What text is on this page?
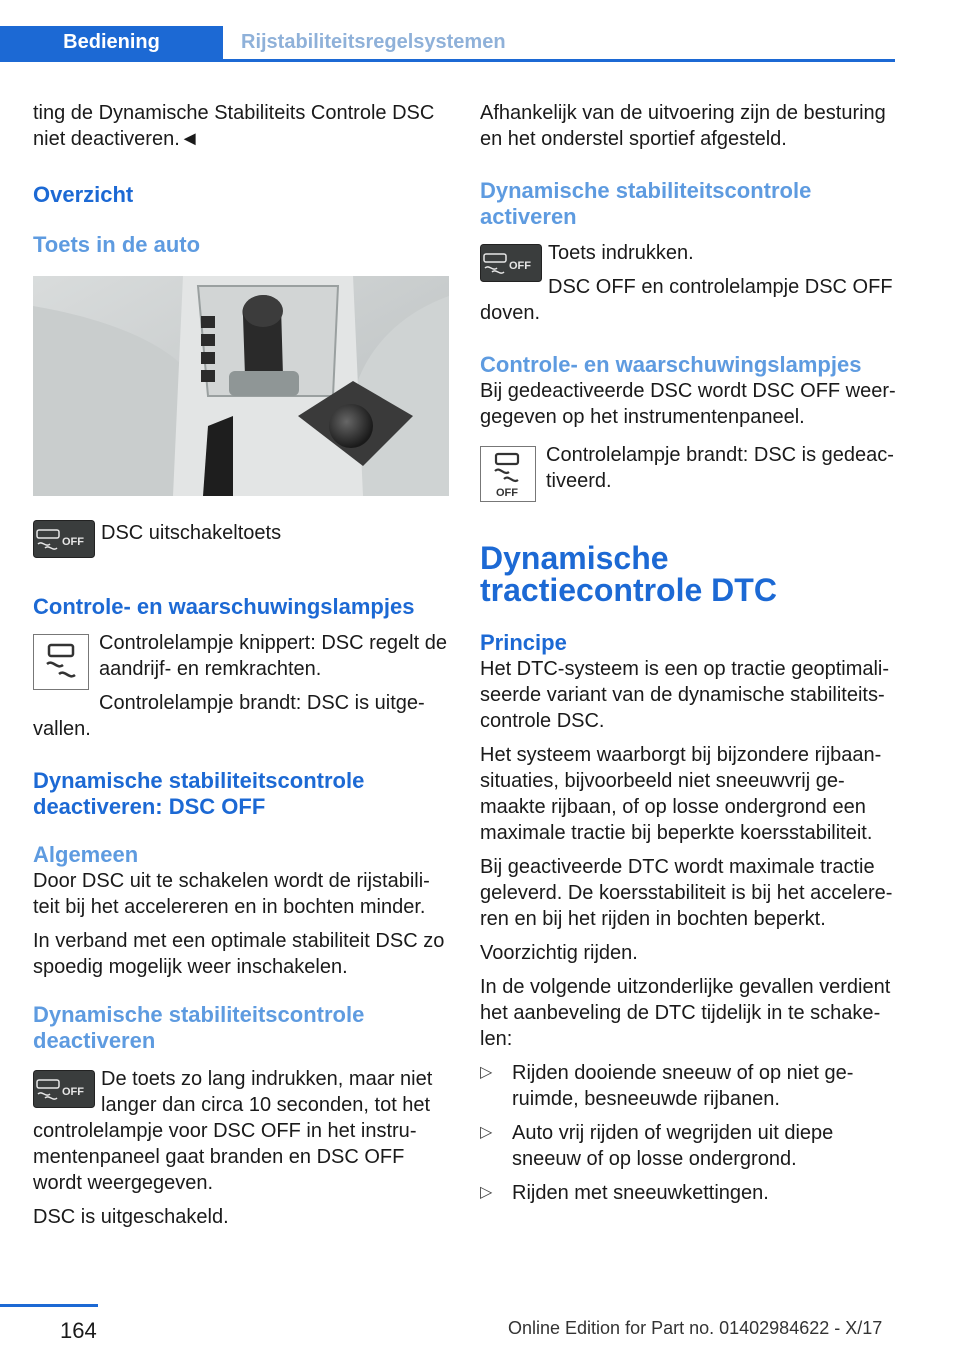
Bediening	Rijstabiliteitsregelsystemen

ting de Dynamische Stabiliteits Controle DSC niet deactiveren.◄

Overzicht
Toets in de auto
OFF DSC uitschakeltoets

Controle- en waarschuwingslampjes

Controlelampje knippert: DSC regelt de aandrijf- en remkrachten.

Controlelampje brandt: DSC is uitge-

vallen.

Dynamische stabiliteitscontrole deactiveren: DSC OFF
Algemeen

Door DSC uit te schakelen wordt de rijstabiliteit bij het accelereren en in bochten minder.

In verband met een optimale stabiliteit DSC zo spoedig mogelijk weer inschakelen.

Dynamische stabiliteitscontrole deactiveren
OFF

De toets zo lang indrukken, maar niet langer dan circa 10 seconden, tot het

controlelampje voor DSC OFF in het instrumentenpaneel gaat branden en DSC OFF wordt weergegeven.

DSC is uitgeschakeld.

Afhankelijk van de uitvoering zijn de besturing en het onderstel sportief afgesteld.

Dynamische stabiliteitscontrole activeren
OFF

Toets indrukken.

DSC OFF en controlelampje DSC OFF

doven.

Controle- en waarschuwingslampjes

Bij gedeactiveerde DSC wordt DSC OFF weergegeven op het instrumentenpaneel.

OFF

Controlelampje brandt: DSC is gedeactiveerd.

Dynamische tractiecontrole DTC
Principe

Het DTC-systeem is een op tractie geoptimaliseerde variant van de dynamische stabiliteitscontrole DSC.

Het systeem waarborgt bij bijzondere rijbaansituaties, bijvoorbeeld niet sneeuwvrij gemaakte rijbaan, of op losse ondergrond een maximale tractie bij beperkte koersstabiliteit.

Bij geactiveerde DTC wordt maximale tractie geleverd. De koersstabiliteit is bij het accelereren en bij het rijden in bochten beperkt.

Voorzichtig rijden.

In de volgende uitzonderlijke gevallen verdient het aanbeveling de DTC tijdelijk in te schakelen:

▷ Rijden dooiende sneeuw of op niet geruimde, besneeuwde rijbanen.
▷ Auto vrij rijden of wegrijden uit diepe sneeuw of op losse ondergrond.
▷ Rijden met sneeuwkettingen.
164	Online Edition for Part no. 01402984622 - X/17
